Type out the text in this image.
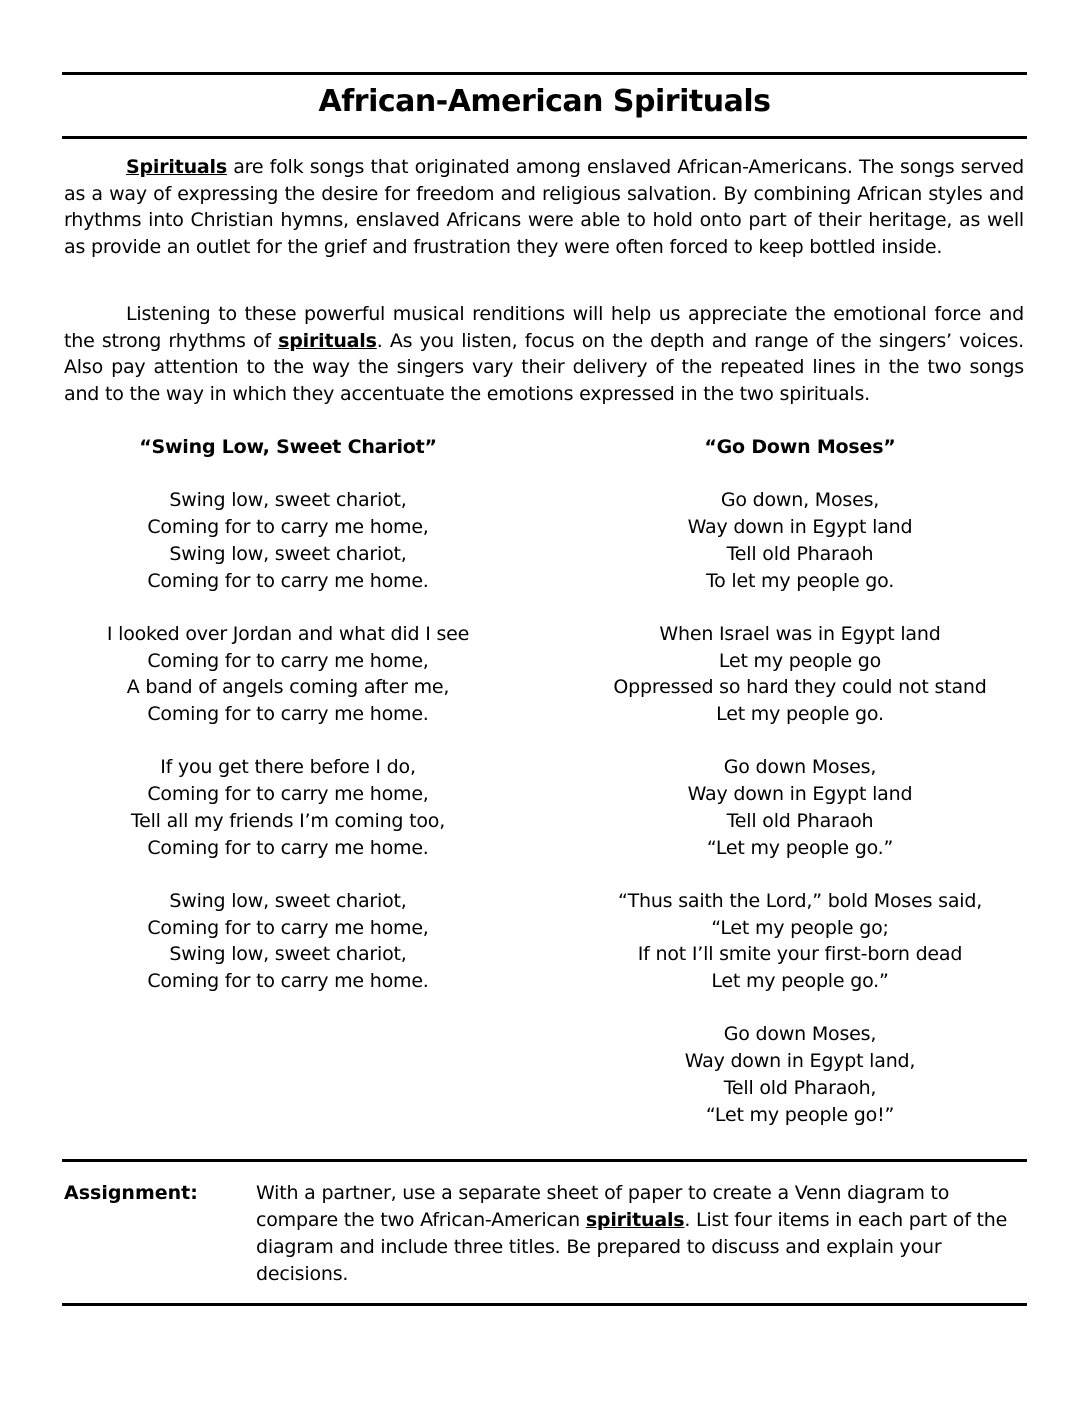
African-American Spirituals

Spirituals are folk songs that originated among enslaved African-Americans. The songs served as a way of expressing the desire for freedom and religious salvation. By combining African styles and rhythms into Christian hymns, enslaved Africans were able to hold onto part of their heritage, as well as provide an outlet for the grief and frustration they were often forced to keep bottled inside.

Listening to these powerful musical renditions will help us appreciate the emotional force and the strong rhythms of spirituals. As you listen, focus on the depth and range of the singers’ voices. Also pay attention to the way the singers vary their delivery of the repeated lines in the two songs and to the way in which they accentuate the emotions expressed in the two spirituals.

“Swing Low, Sweet Chariot”
Swing low, sweet chariot,
Coming for to carry me home,
Swing low, sweet chariot,
Coming for to carry me home.
I looked over Jordan and what did I see
Coming for to carry me home,
A band of angels coming after me,
Coming for to carry me home.
If you get there before I do,
Coming for to carry me home,
Tell all my friends I’m coming too,
Coming for to carry me home.
Swing low, sweet chariot,
Coming for to carry me home,
Swing low, sweet chariot,
Coming for to carry me home.
“Go Down Moses”
Go down, Moses,
Way down in Egypt land
Tell old Pharaoh
To let my people go.
When Israel was in Egypt land
Let my people go
Oppressed so hard they could not stand
Let my people go.
Go down Moses,
Way down in Egypt land
Tell old Pharaoh
“Let my people go.”
“Thus saith the Lord,” bold Moses said,
“Let my people go;
If not I’ll smite your first-born dead
Let my people go.”
Go down Moses,
Way down in Egypt land,
Tell old Pharaoh,
“Let my people go!”
Assignment:	With a partner, use a separate sheet of paper to create a Venn diagram to compare the two African-American spirituals. List four items in each part of the diagram and include three titles. Be prepared to discuss and explain your decisions.
